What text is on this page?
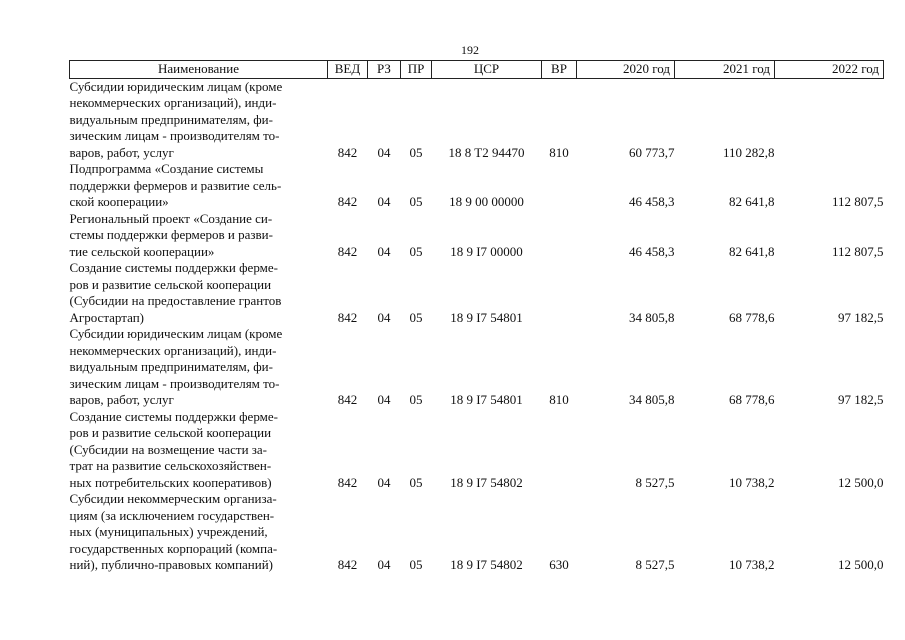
192
Наименование	ВЕД	РЗ	ПР	ЦСР	ВР	2020 год	2021 год	2022 год

Субсидии юридическим лицам (кроме
некоммерческих организаций), инди-
видуальным предпринимателям, фи-
зическим лицам - производителям то-
варов, работ, услуг	842	04	05	18 8 T2 94470	810	60 773,7	110 282,8	

Подпрограмма «Создание системы
поддержки фермеров и развитие сель-
ской кооперации»	842	04	05	18 9 00 00000		46 458,3	82 641,8	112 807,5

Региональный проект «Создание си-
стемы поддержки фермеров и разви-
тие сельской кооперации»	842	04	05	18 9 I7 00000		46 458,3	82 641,8	112 807,5

Создание системы поддержки ферме-
ров и развитие сельской кооперации
(Субсидии на предоставление грантов
Агростартап)	842	04	05	18 9 I7 54801		34 805,8	68 778,6	97 182,5

Субсидии юридическим лицам (кроме
некоммерческих организаций), инди-
видуальным предпринимателям, фи-
зическим лицам - производителям то-
варов, работ, услуг	842	04	05	18 9 I7 54801	810	34 805,8	68 778,6	97 182,5

Создание системы поддержки ферме-
ров и развитие сельской кооперации
(Субсидии на возмещение части за-
трат на развитие сельскохозяйствен-
ных потребительских кооперативов)	842	04	05	18 9 I7 54802		8 527,5	10 738,2	12 500,0

Субсидии некоммерческим организа-
циям (за исключением государствен-
ных (муниципальных) учреждений,
государственных корпораций (компа-
ний), публично-правовых компаний)	842	04	05	18 9 I7 54802	630	8 527,5	10 738,2	12 500,0
